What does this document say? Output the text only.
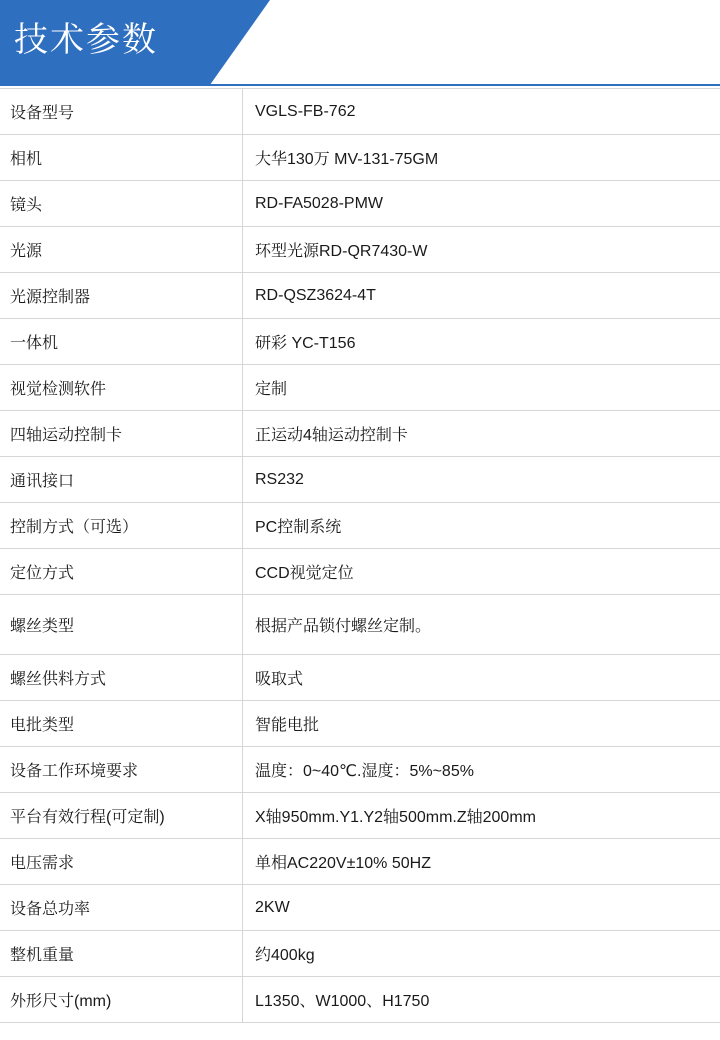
技术参数
设备型号	VGLS-FB-762
相机	大华130万 MV-131-75GM
镜头	RD-FA5028-PMW
光源	环型光源RD-QR7430-W
光源控制器	RD-QSZ3624-4T
一体机	研彩 YC-T156
视觉检测软件	定制
四轴运动控制卡	正运动4轴运动控制卡
通讯接口	RS232
控制方式（可选）	PC控制系统
定位方式	CCD视觉定位
螺丝类型	根据产品锁付螺丝定制。
螺丝供料方式	吸取式
电批类型	智能电批
设备工作环境要求	温度：0~40℃.湿度：5%~85%
平台有效行程(可定制)	X轴950mm.Y1.Y2轴500mm.Z轴200mm
电压需求	单相AC220V±10% 50HZ
设备总功率	2KW
整机重量	约400kg
外形尺寸(mm)	L1350、W1000、H1750
